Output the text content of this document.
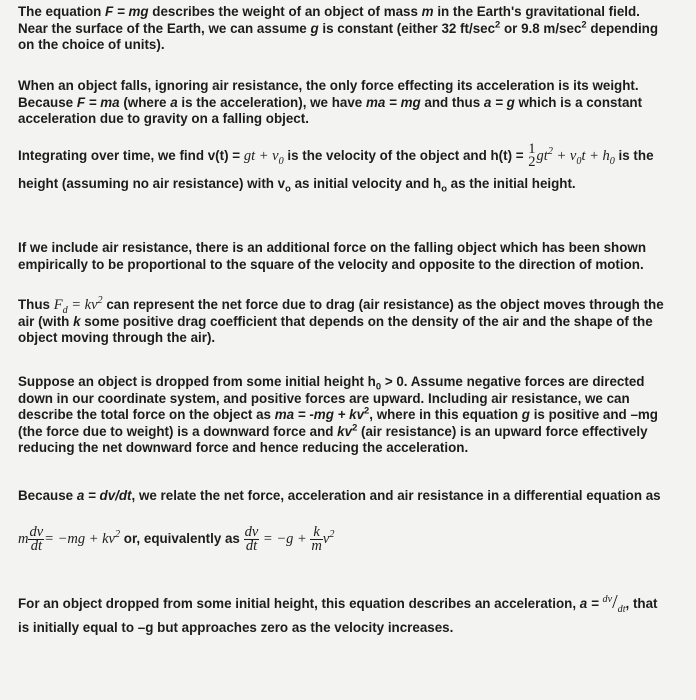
The equation F = mg describes the weight of an object of mass m in the Earth's gravitational field. Near the surface of the Earth, we can assume g is constant (either 32 $ft/\sec^2$ or 9.8 $m/\sec^2$ depending on the choice of units).

When an object falls, ignoring air resistance, the only force effecting its acceleration is its weight. Because F = ma (where a is the acceleration), we have ma = mg and thus a = g which is a constant acceleration due to gravity on a falling object.

Integrating over time, we find v(t) = gt + $v_0$ is the velocity of the object and h(t) = 1
2 $gt^2 + v_0t + h_0$ is the height (assuming no air resistance) with $v_o$ as initial velocity and $h_o$ as the initial height.

If we include air resistance, there is an additional force on the falling object which has been shown empirically to be proportional to the square of the velocity and opposite to the direction of motion.

Thus $F_d = kv^2$ can represent the net force due to drag (air resistance) as the object moves through the air (with k some positive drag coefficient that depends on the density of the air and the shape of the object moving through the air).

Suppose an object is dropped from some initial height $h_0 > 0$. Assume negative forces are directed down in our coordinate system, and positive forces are upward. Including air resistance, we can describe the total force on the object as ma = $-mg + kv^2$, where in this equation g is positive and –mg (the force due to weight) is a downward force and $kv^2$ (air resistance) is an upward force effectively reducing the net downward force and hence reducing the acceleration.

Because a = dv/dt, we relate the net force, acceleration and air resistance in a differential equation as

m $\frac{dv}{dt} = -mg + kv^2$ or, equivalently as $\frac{dv}{dt} = -g + \frac{k}{m} v^2$

For an object dropped from some initial height, this equation describes an acceleration, $a = ^{dv}/_{dt}$, that is initially equal to –g but approaches zero as the velocity increases.
